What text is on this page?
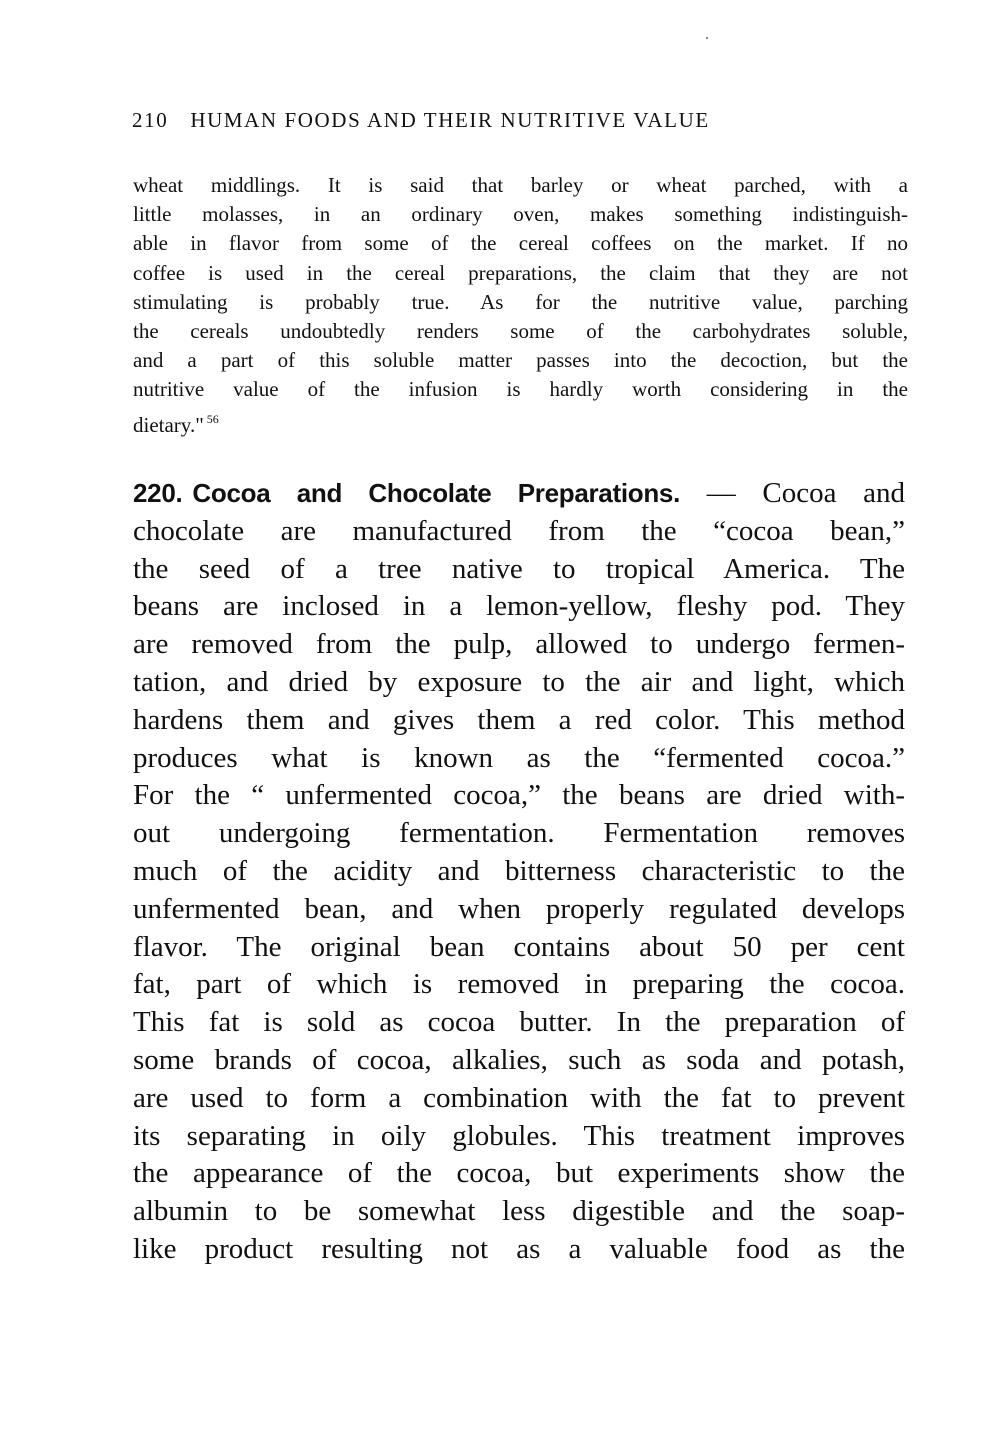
210 HUMAN FOODS AND THEIR NUTRITIVE VALUE
wheat middlings. It is said that barley or wheat parched, with a
little molasses, in an ordinary oven, makes something indistinguish-
able in flavor from some of the cereal coffees on the market. If no
coffee is used in the cereal preparations, the claim that they are not
stimulating is probably true. As for the nutritive value, parching
the cereals undoubtedly renders some of the carbohydrates soluble,
and a part of this soluble matter passes into the decoction, but the
nutritive value of the infusion is hardly worth considering in the
dietary." $^{56}$
220. Cocoa and Chocolate Preparations. — Cocoa and
chocolate are manufactured from the “cocoa bean,”
the seed of a tree native to tropical America. The
beans are inclosed in a lemon-yellow, fleshy pod. They
are removed from the pulp, allowed to undergo fermen-
tation, and dried by exposure to the air and light, which
hardens them and gives them a red color. This method
produces what is known as the “fermented cocoa.”
For the “ unfermented cocoa,” the beans are dried with-
out undergoing fermentation. Fermentation removes
much of the acidity and bitterness characteristic to the
unfermented bean, and when properly regulated develops
flavor. The original bean contains about 50 per cent
fat, part of which is removed in preparing the cocoa.
This fat is sold as cocoa butter. In the preparation of
some brands of cocoa, alkalies, such as soda and potash,
are used to form a combination with the fat to prevent
its separating in oily globules. This treatment improves
the appearance of the cocoa, but experiments show the
albumin to be somewhat less digestible and the soap-
like product resulting not as a valuable food as the
